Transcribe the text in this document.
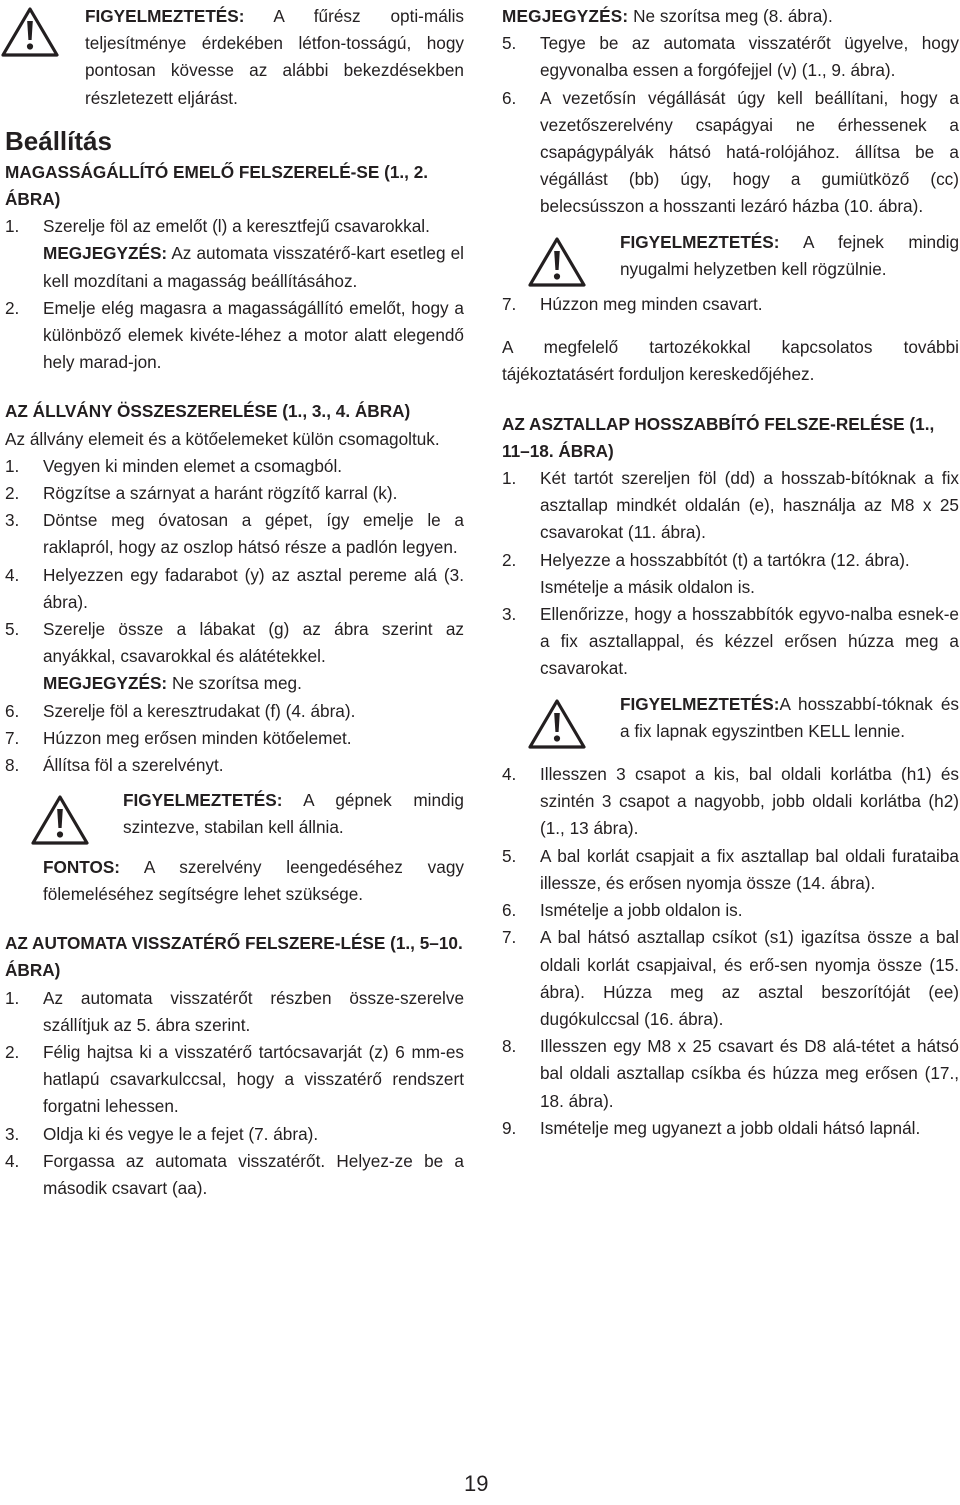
FIGYELMEZTETÉS: A fűrész opti-mális teljesítménye érdekében létfon-tosságú, hogy pontosan kövesse az alábbi bekezdésekben részletezett eljárást.

Beállítás

MAGASSÁGÁLLÍTÓ EMELŐ FELSZERELÉ-SE (1., 2. ÁBRA)

1. Szerelje föl az emelőt (l) a keresztfejű csavarokkal.

MEGJEGYZÉS: Az automata visszatérő-kart esetleg el kell mozdítani a magasság beállításához.

2. Emelje elég magasra a magasságállító emelőt, hogy a különböző elemek kivéte-léhez a motor alatt elegendő hely marad-jon.

AZ ÁLLVÁNY ÖSSZESZERELÉSE (1., 3., 4. ÁBRA)

Az állvány elemeit és a kötőelemeket külön csomagoltuk.

1. Vegyen ki minden elemet a csomagból.

2. Rögzítse a szárnyat a haránt rögzítő karral (k).

3. Döntse meg óvatosan a gépet, így emelje le a raklapról, hogy az oszlop hátsó része a padlón legyen.

4. Helyezzen egy fadarabot (y) az asztal pereme alá (3. ábra).

5. Szerelje össze a lábakat (g) az ábra szerint az anyákkal, csavarokkal és alátétekkel.

MEGJEGYZÉS: Ne szorítsa meg.

6. Szerelje föl a keresztrudakat (f) (4. ábra).

7. Húzzon meg erősen minden kötőelemet.

8. Állítsa föl a szerelvényt.

FIGYELMEZTETÉS: A gépnek mindig szintezve, stabilan kell állnia.

FONTOS: A szerelvény leengedéséhez vagy fölemeléséhez segítségre lehet szüksége.

AZ AUTOMATA VISSZATÉRŐ FELSZERE-LÉSE (1., 5–10. ÁBRA)

1. Az automata visszatérőt részben össze-szerelve szállítjuk az 5. ábra szerint.

2. Félig hajtsa ki a visszatérő tartócsavarját (z) 6 mm-es hatlapú csavarkulccsal, hogy a visszatérő rendszert forgatni lehessen.

3. Oldja ki és vegye le a fejet (7. ábra).

4. Forgassa az automata visszatérőt. Helyez-ze be a második csavart (aa).

MEGJEGYZÉS: Ne szorítsa meg (8. ábra).

5. Tegye be az automata visszatérőt ügyelve, hogy egyvonalba essen a forgófejjel (v) (1., 9. ábra).

6. A vezetősín végállását úgy kell beállítani, hogy a vezetőszerelvény csapágyai ne érhessenek a csapágypályák hátsó hatá-rolójához. állítsa be a végállást (bb) úgy, hogy a gumiütköző (cc) belecsússzon a hosszanti lezáró házba (10. ábra).

FIGYELMEZTETÉS: A fejnek mindig nyugalmi helyzetben kell rögzülnie.

7. Húzzon meg minden csavart.

A megfelelő tartozékokkal kapcsolatos további tájékoztatásért forduljon kereskedőjéhez.

AZ ASZTALLAP HOSSZABBÍTÓ FELSZE-RELÉSE (1., 11–18. ÁBRA)

1. Két tartót szereljen föl (dd) a hosszab-bítóknak a fix asztallap mindkét oldalán (e), használja az M8 x 25 csavarokat (11. ábra).

2. Helyezze a hosszabbítót (t) a tartókra (12. ábra).

Ismételje a másik oldalon is.

3. Ellenőrizze, hogy a hosszabbítók egyvo-nalba esnek-e a fix asztallappal, és kézzel erősen húzza meg a csavarokat.

FIGYELMEZTETÉS:A hosszabbí-tóknak és a fix lapnak egyszintben KELL lennie.

4. Illesszen 3 csapot a kis, bal oldali korlátba (h1) és szintén 3 csapot a nagyobb, jobb oldali korlátba (h2) (1., 13 ábra).

5. A bal korlát csapjait a fix asztallap bal oldali furataiba illessze, és erősen nyomja össze (14. ábra).

6. Ismételje a jobb oldalon is.

7. A bal hátsó asztallap csíkot (s1) igazítsa össze a bal oldali korlát csapjaival, és erő-sen nyomja össze (15. ábra). Húzza meg az asztal beszorítóját (ee) dugókulccsal (16. ábra).

8. Illesszen egy M8 x 25 csavart és D8 alá-tétet a hátsó bal oldali asztallap csíkba és húzza meg erősen (17., 18. ábra).

9. Ismételje meg ugyanezt a jobb oldali hátsó lapnál.

19
